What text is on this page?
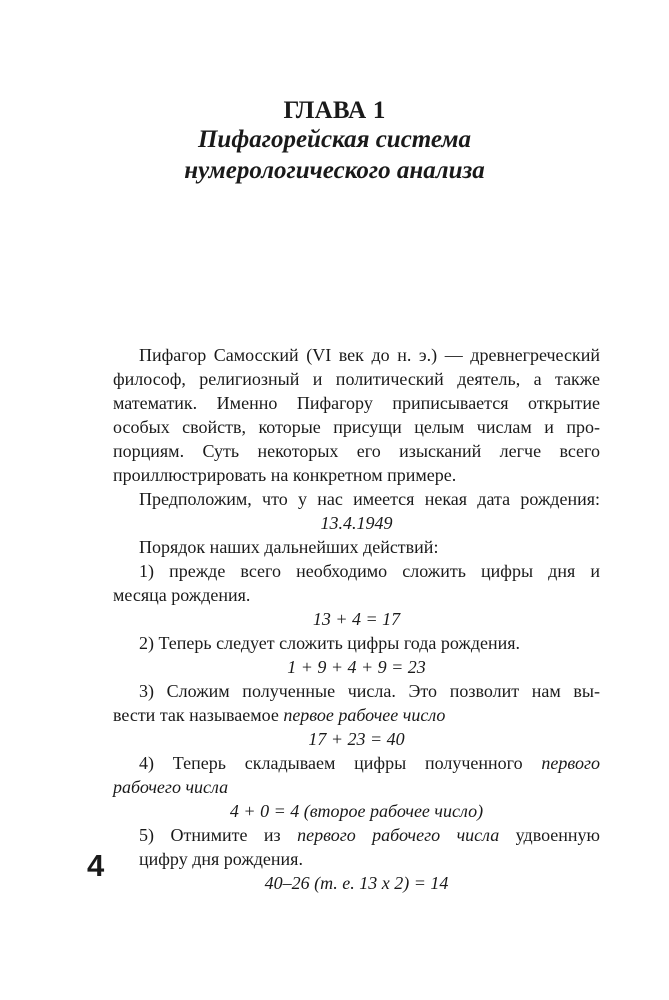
ГЛАВА 1
Пифагорейская система
нумерологического анализа
Пифагор Самосский (VI век до н. э.) — древнегреческий
философ, религиозный и политический деятель, а также
математик. Именно Пифагору приписывается открытие
особых свойств, которые присущи целым числам и про-
порциям. Суть некоторых его изысканий легче всего
проиллюстрировать на конкретном примере.
Предположим, что у нас имеется некая дата рождения:
13.4.1949
Порядок наших дальнейших действий:
1) прежде всего необходимо сложить цифры дня и
месяца рождения.
13 + 4 = 17
2) Теперь следует сложить цифры года рождения.
1 + 9 + 4 + 9 = 23
3) Сложим полученные числа. Это позволит нам вы-
вести так называемое первое рабочее число
17 + 23 = 40
4) Теперь складываем цифры полученного первого
рабочего числа
4 + 0 = 4 (второе рабочее число)
5) Отнимите из первого рабочего числа удвоенную
цифру дня рождения.
40–26 (т. е. 13 x 2) = 14
4
